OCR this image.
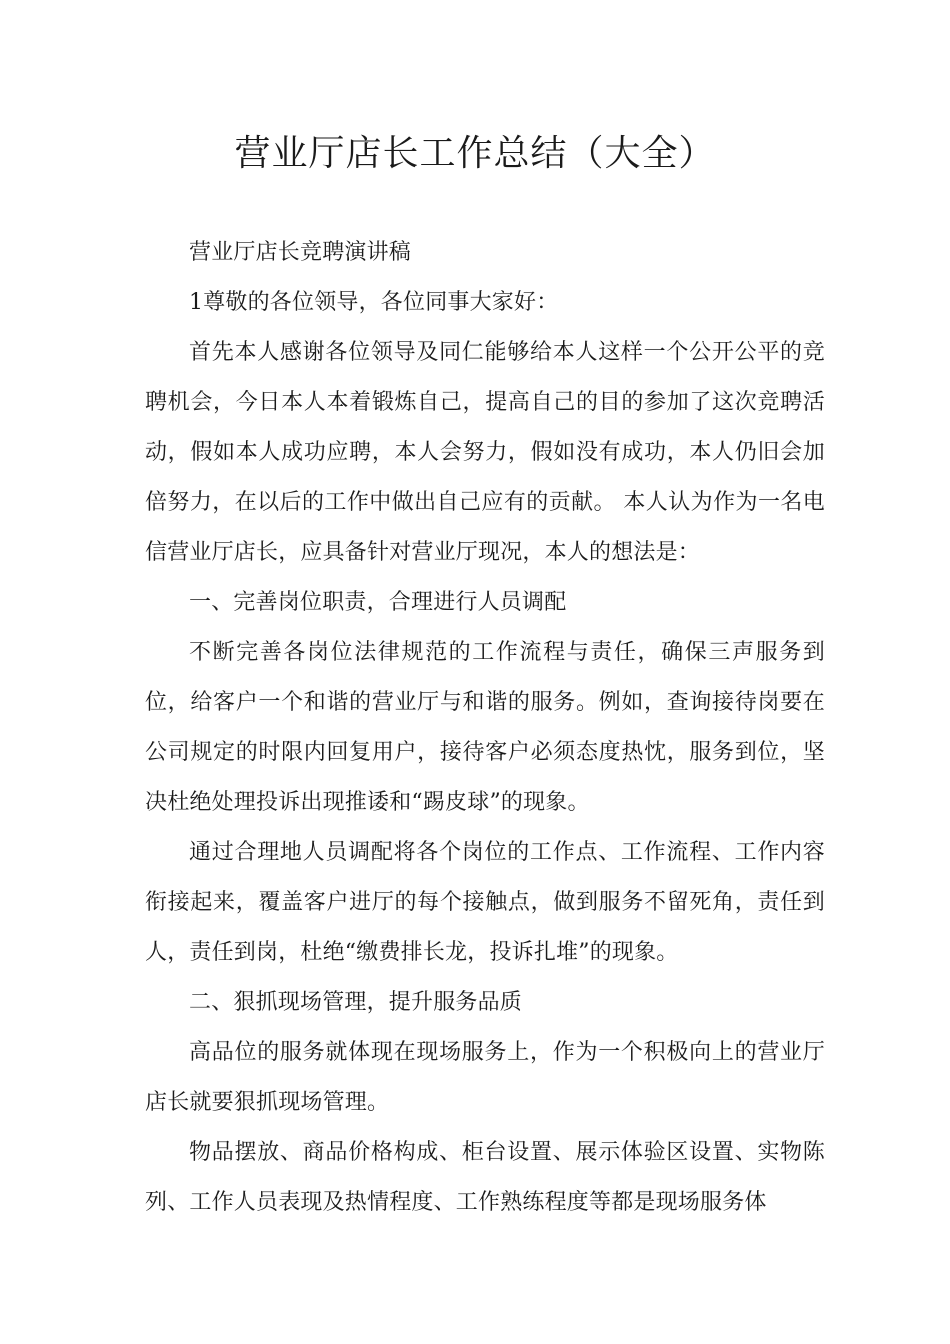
营业厅店长工作总结（大全）

营业厅店长竞聘演讲稿

1尊敬的各位领导，各位同事大家好：

首先本人感谢各位领导及同仁能够给本人这样一个公开公平的竞聘机会，今日本人本着锻炼自己，提高自己的目的参加了这次竞聘活动，假如本人成功应聘，本人会努力，假如没有成功，本人仍旧会加倍努力，在以后的工作中做出自己应有的贡献。 本人认为作为一名电信营业厅店长，应具备针对营业厅现况，本人的想法是：

一、完善岗位职责，合理进行人员调配

不断完善各岗位法律规范的工作流程与责任，确保三声服务到位，给客户一个和谐的营业厅与和谐的服务。例如，查询接待岗要在公司规定的时限内回复用户，接待客户必须态度热忱，服务到位，坚决杜绝处理投诉出现推诿和“踢皮球”的现象。

通过合理地人员调配将各个岗位的工作点、工作流程、工作内容衔接起来，覆盖客户进厅的每个接触点，做到服务不留死角，责任到人，责任到岗，杜绝“缴费排长龙，投诉扎堆”的现象。

二、狠抓现场管理，提升服务品质

高品位的服务就体现在现场服务上，作为一个积极向上的营业厅店长就要狠抓现场管理。

物品摆放、商品价格构成、柜台设置、展示体验区设置、实物陈列、工作人员表现及热情程度、工作熟练程度等都是现场服务体
